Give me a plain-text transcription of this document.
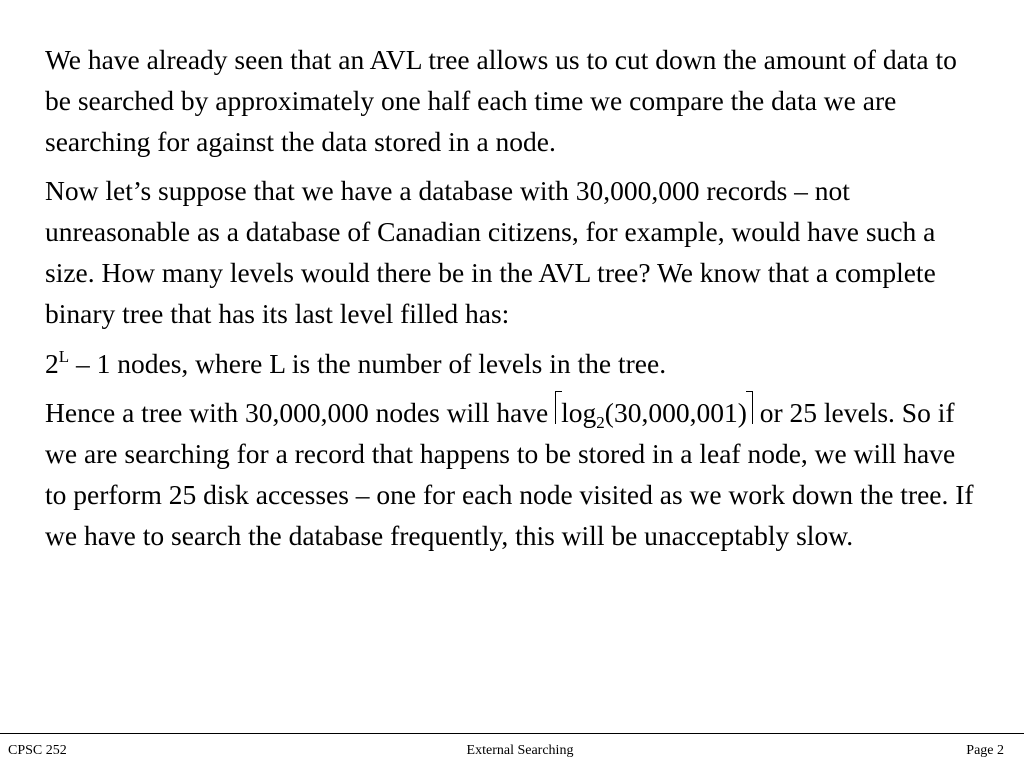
We have already seen that an AVL tree allows us to cut down the amount of data to be searched by approximately one half each time we compare the data we are searching for against the data stored in a node.

Now let’s suppose that we have a database with 30,000,000 records – not unreasonable as a database of Canadian citizens, for example, would have such a size. How many levels would there be in the AVL tree? We know that a complete binary tree that has its last level filled has:

$2^L - 1$ nodes, where L is the number of levels in the tree.

Hence a tree with 30,000,000 nodes will have
$\log_2(30,000,001)$
or 25 levels. So if we are searching for a record that happens to be stored in a leaf node, we will have to perform 25 disk accesses – one for each node visited as we work down the tree. If we have to search the database frequently, this will be unacceptably slow.

CPSC 252	External Searching	Page 2
